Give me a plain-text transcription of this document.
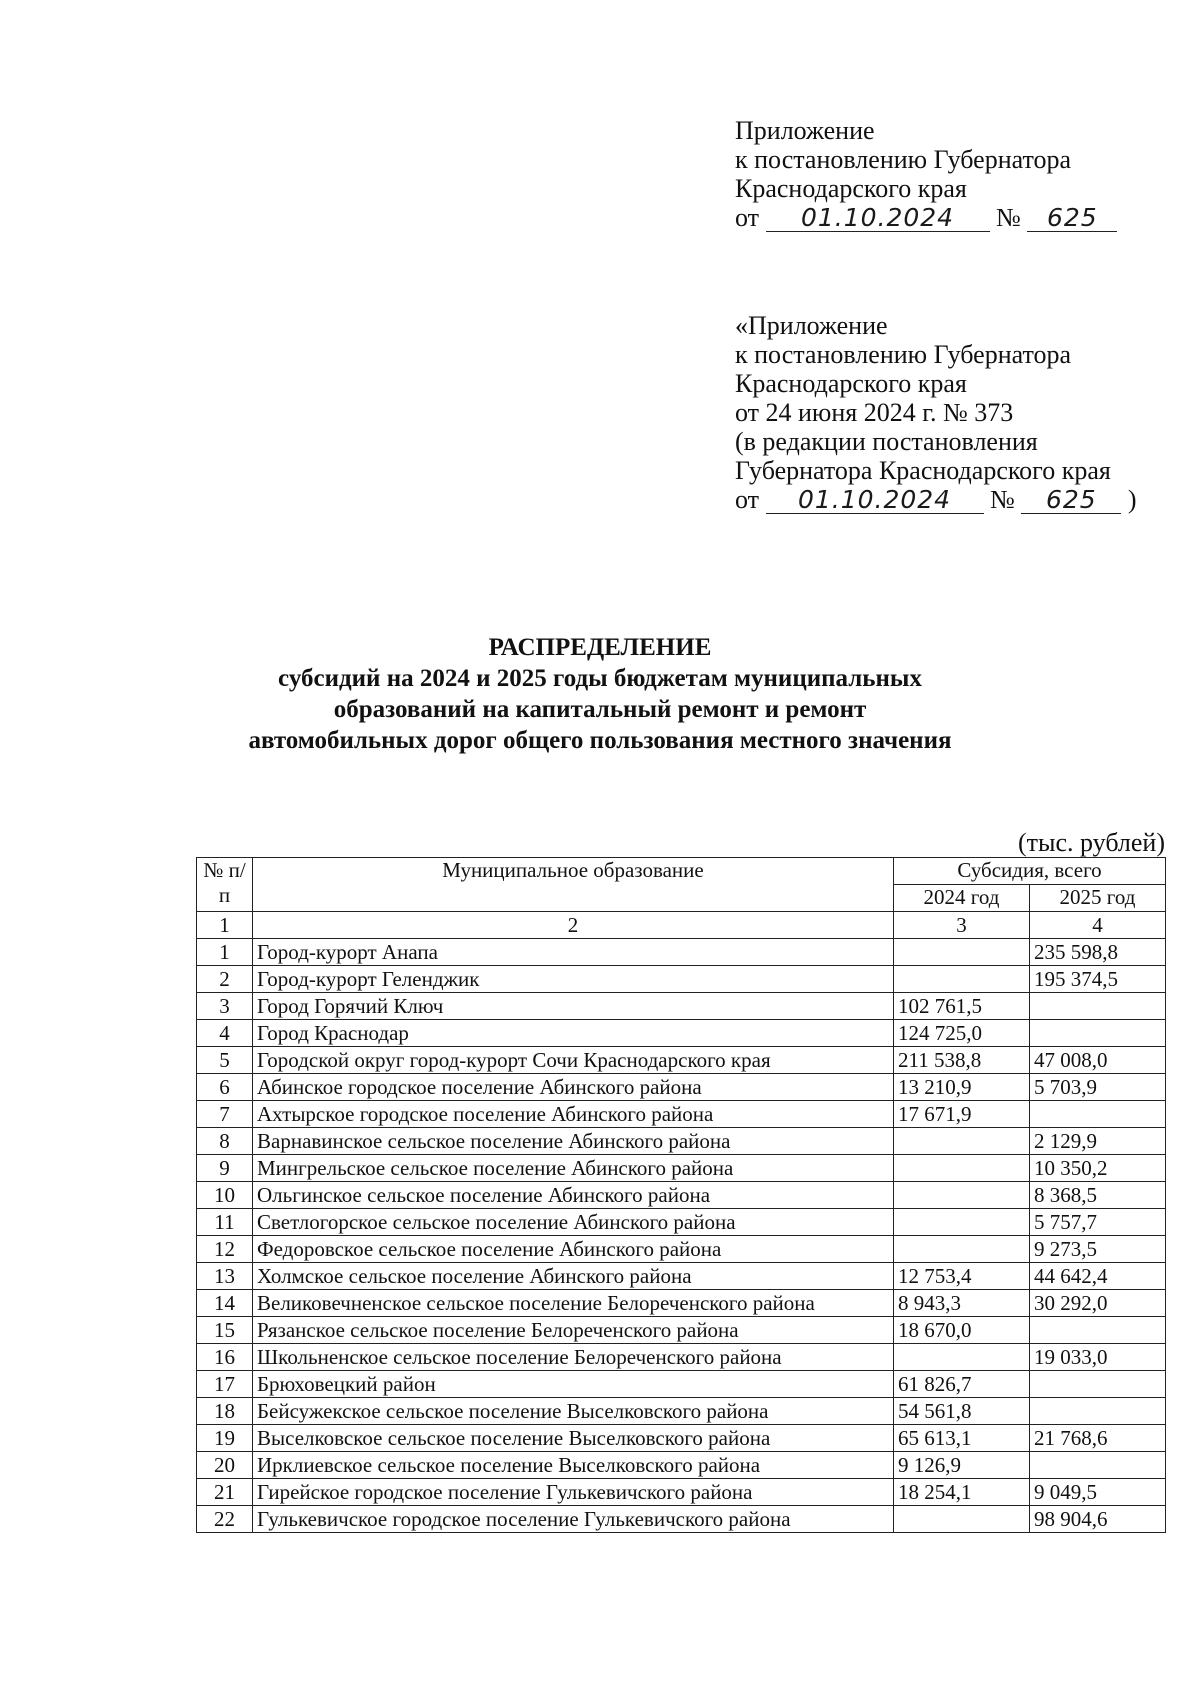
Приложение
к постановлению Губернатора
Краснодарского края
от 01.10.2024 № 625
«Приложение
к постановлению Губернатора
Краснодарского края
от 24 июня 2024 г. № 373
(в редакции постановления
Губернатора Краснодарского края
от 01.10.2024 № 625 )
РАСПРЕДЕЛЕНИЕ
субсидий на 2024 и 2025 годы бюджетам муниципальных
образований на капитальный ремонт и ремонт
автомобильных дорог общего пользования местного значения
(тыс. рублей)
№ п/п	Муниципальное образование	Субсидия, всего	
		2024 год	2025 год
1	2	3	4
1	Город-курорт Анапа		235 598,8
2	Город-курорт Геленджик		195 374,5
3	Город Горячий Ключ	102 761,5	
4	Город Краснодар	124 725,0	
5	Городской округ город-курорт Сочи Краснодарского края	211 538,8	47 008,0
6	Абинское городское поселение Абинского района	13 210,9	5 703,9
7	Ахтырское городское поселение Абинского района	17 671,9	
8	Варнавинское сельское поселение Абинского района		2 129,9
9	Мингрельское сельское поселение Абинского района		10 350,2
10	Ольгинское сельское поселение Абинского района		8 368,5
11	Светлогорское сельское поселение Абинского района		5 757,7
12	Федоровское сельское поселение Абинского района		9 273,5
13	Холмское сельское поселение Абинского района	12 753,4	44 642,4
14	Великовечненское сельское поселение Белореченского района	8 943,3	30 292,0
15	Рязанское сельское поселение Белореченского района	18 670,0	
16	Школьненское сельское поселение Белореченского района		19 033,0
17	Брюховецкий район	61 826,7	
18	Бейсужекское сельское поселение Выселковского района	54 561,8	
19	Выселковское сельское поселение Выселковского района	65 613,1	21 768,6
20	Ирклиевское сельское поселение Выселковского района	9 126,9	
21	Гирейское городское поселение Гулькевичского района	18 254,1	9 049,5
22	Гулькевичское городское поселение Гулькевичского района		98 904,6
